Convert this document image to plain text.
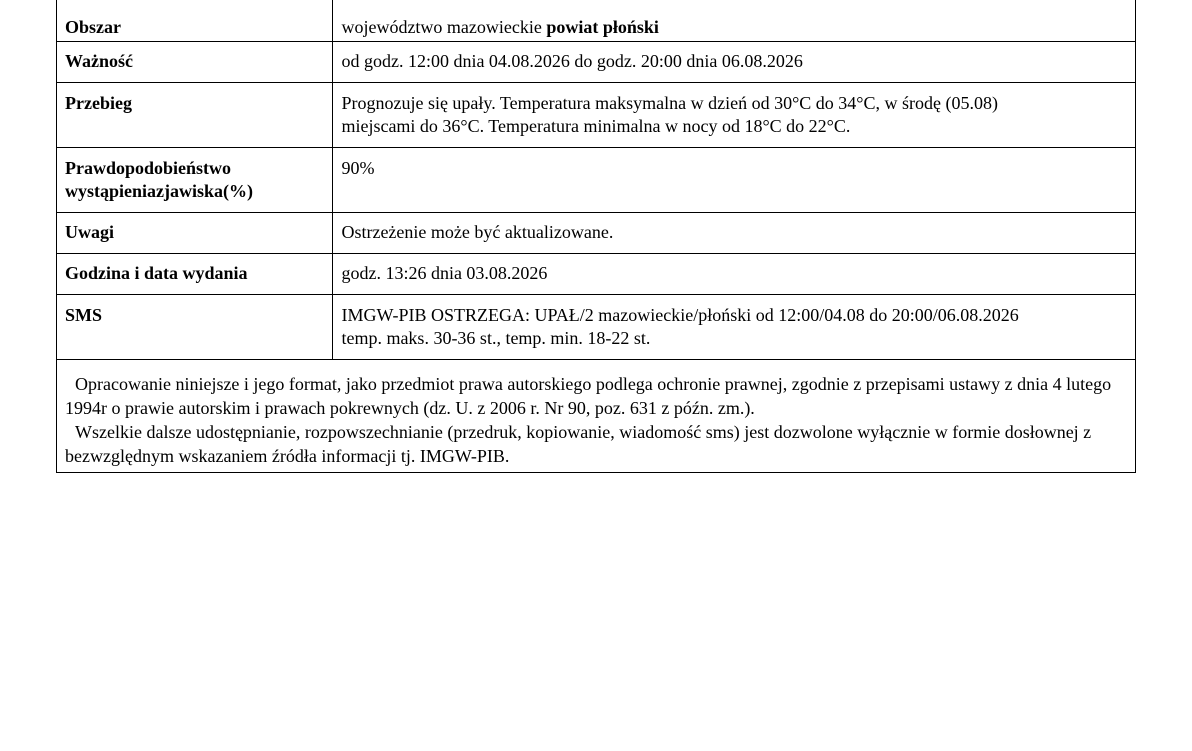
Obszar	województwo mazowieckie powiat płoński
Ważność	od godz. 12:00 dnia 04.08.2026 do godz. 20:00 dnia 06.08.2026
Przebieg	Prognozuje się upały. Temperatura maksymalna w dzień od 30°C do 34°C, w środę (05.08)
miejscami do 36°C. Temperatura minimalna w nocy od 18°C do 22°C.

Prawdopodobieństwo
wystąpieniazjawiska(%)	90%
Uwagi	Ostrzeżenie może być aktualizowane.
Godzina i data wydania	godz. 13:26 dnia 03.08.2026
SMS	IMGW-PIB OSTRZEGA: UPAŁ/2 mazowieckie/płoński od 12:00/04.08 do 20:00/06.08.2026
temp. maks. 30-36 st., temp. min. 18-22 st.

Opracowanie niniejsze i jego format, jako przedmiot prawa autorskiego podlega ochronie prawnej, zgodnie z przepisami ustawy z dnia 4 lutego 1994r o prawie autorskim i prawach pokrewnych (dz. U. z 2006 r. Nr 90, poz. 631 z późn. zm.).

Wszelkie dalsze udostępnianie, rozpowszechnianie (przedruk, kopiowanie, wiadomość sms) jest dozwolone wyłącznie w formie dosłownej z bezwzględnym wskazaniem źródła informacji tj. IMGW-PIB.	
